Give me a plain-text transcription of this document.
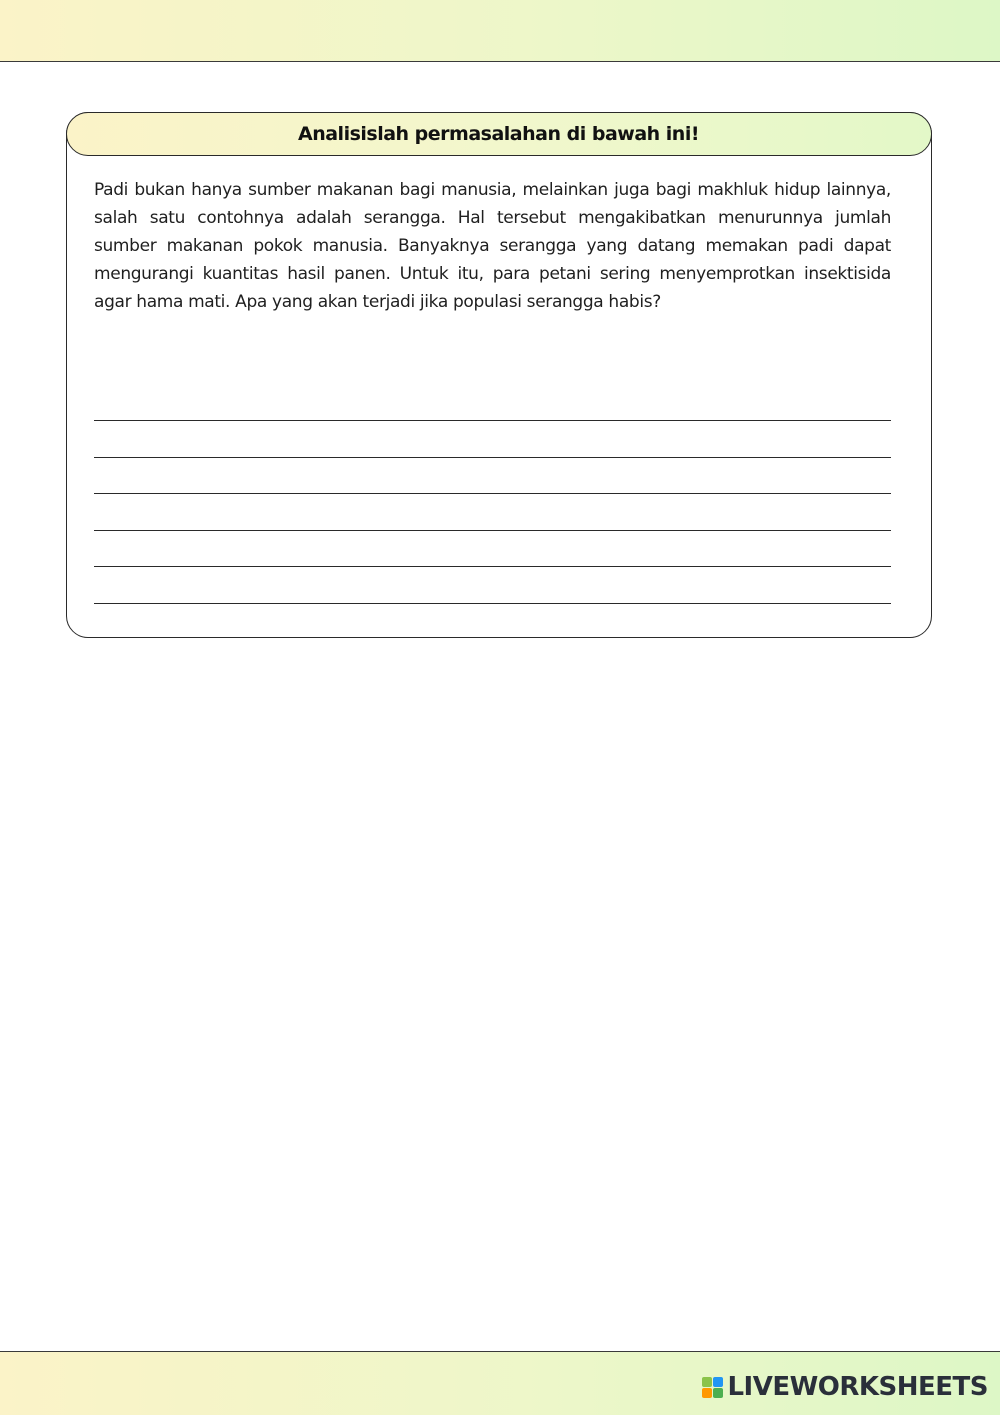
Analisislah permasalahan di bawah ini!

Padi bukan hanya sumber makanan bagi manusia, melainkan juga bagi makhluk hidup lainnya, salah satu contohnya adalah serangga. Hal tersebut mengakibatkan menurunnya jumlah sumber makanan pokok manusia. Banyaknya serangga yang datang memakan padi dapat mengurangi kuantitas hasil panen. Untuk itu, para petani sering menyemprotkan insektisida agar hama mati. Apa yang akan terjadi jika populasi serangga habis?

LIVEWORKSHEETS
